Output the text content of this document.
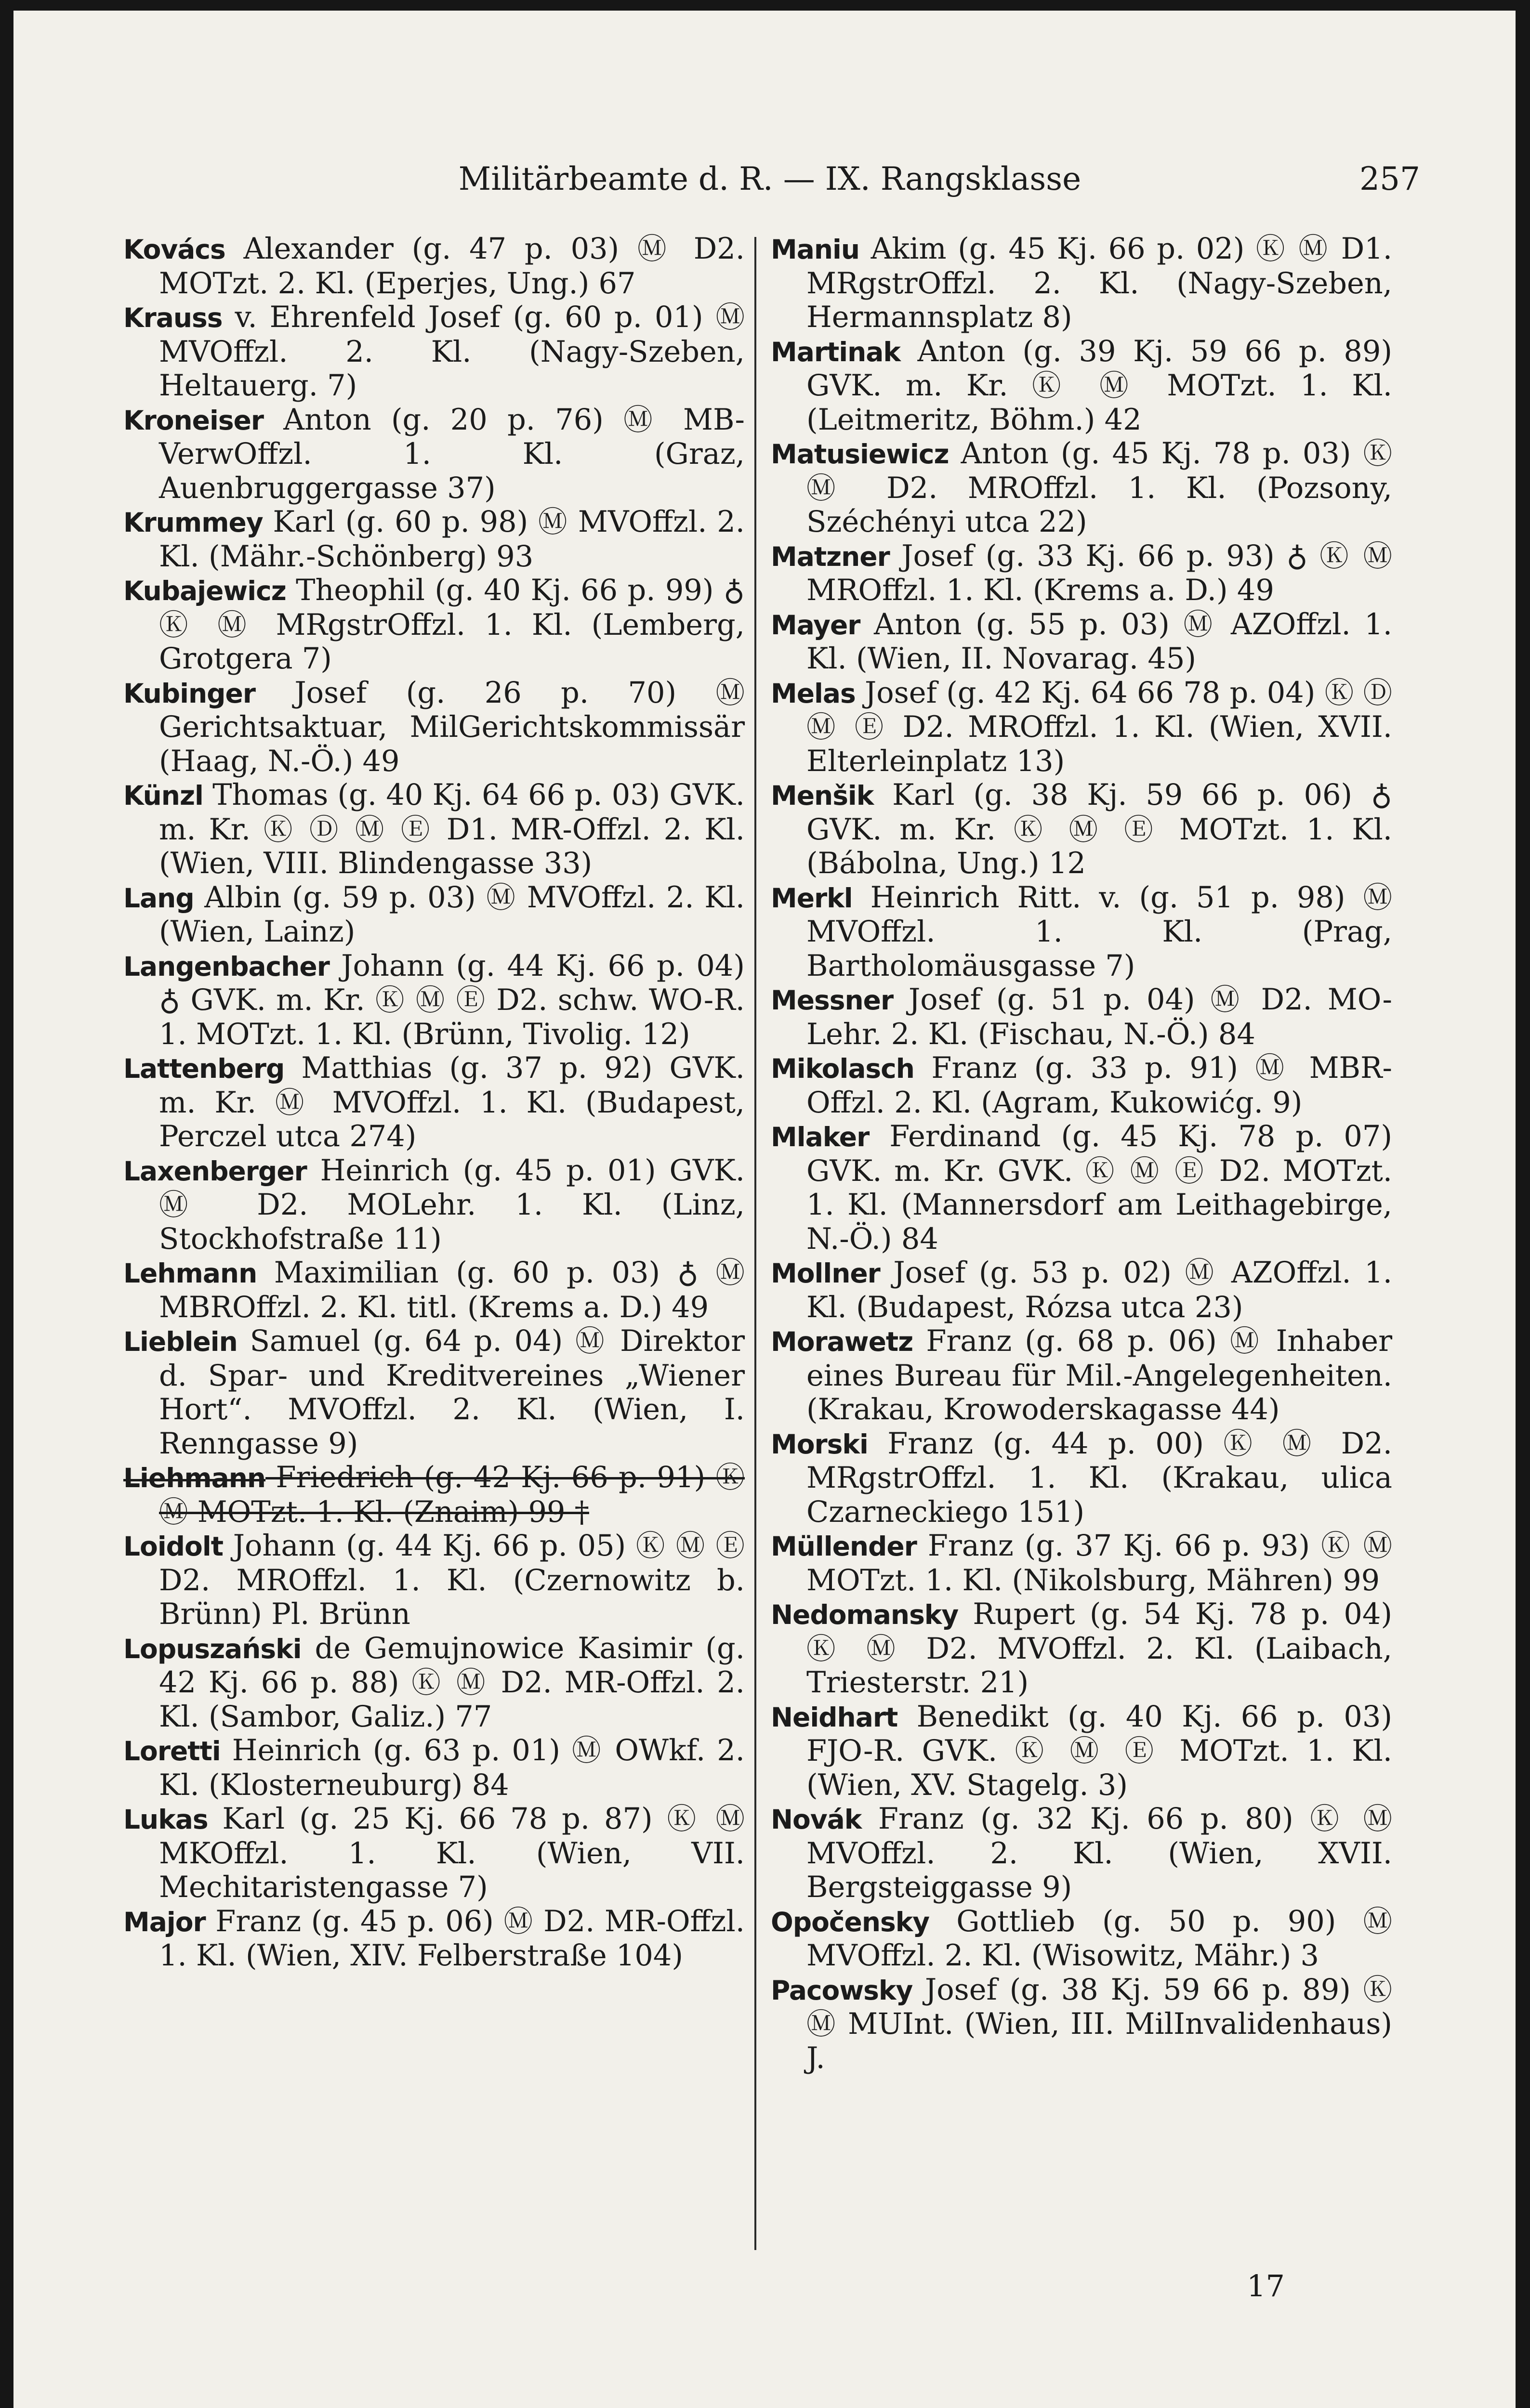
Militärbeamte d. R. — IX. Rangsklasse	257

Kovács Alexander (g. 47 p. 03) Ⓜ D2. MOTzt. 2. Kl. (Eperjes, Ung.) 67

Krauss v. Ehrenfeld Josef (g. 60 p. 01) Ⓜ MVOffzl. 2. Kl. (Nagy-Szeben, Heltauerg. 7)

Kroneiser Anton (g. 20 p. 76) Ⓜ MB-VerwOffzl. 1. Kl. (Graz, Auenbruggergasse 37)

Krummey Karl (g. 60 p. 98) Ⓜ MVOffzl. 2. Kl. (Mähr.-Schönberg) 93

Kubajewicz Theophil (g. 40 Kj. 66 p. 99) ♁ Ⓚ Ⓜ MRgstrOffzl. 1. Kl. (Lemberg, Grotgera 7)

Kubinger Josef (g. 26 p. 70) Ⓜ Gerichtsaktuar, MilGerichtskommissär (Haag, N.-Ö.) 49

Künzl Thomas (g. 40 Kj. 64 66 p. 03) GVK. m. Kr. Ⓚ Ⓓ Ⓜ Ⓔ D1. MR-Offzl. 2. Kl. (Wien, VIII. Blindengasse 33)

Lang Albin (g. 59 p. 03) Ⓜ MVOffzl. 2. Kl. (Wien, Lainz)

Langenbacher Johann (g. 44 Kj. 66 p. 04) ♁ GVK. m. Kr. Ⓚ Ⓜ Ⓔ D2. schw. WO-R. 1. MOTzt. 1. Kl. (Brünn, Tivolig. 12)

Lattenberg Matthias (g. 37 p. 92) GVK. m. Kr. Ⓜ MVOffzl. 1. Kl. (Budapest, Perczel utca 274)

Laxenberger Heinrich (g. 45 p. 01) GVK. Ⓜ D2. MOLehr. 1. Kl. (Linz, Stockhofstraße 11)

Lehmann Maximilian (g. 60 p. 03) ♁ Ⓜ MBROffzl. 2. Kl. titl. (Krems a. D.) 49

Lieblein Samuel (g. 64 p. 04) Ⓜ Direktor d. Spar- und Kreditvereines „Wiener Hort“. MVOffzl. 2. Kl. (Wien, I. Renngasse 9)

Liehmann Friedrich (g. 42 Kj. 66 p. 91) Ⓚ Ⓜ MOTzt. 1. Kl. (Znaim) 99 †

Loidolt Johann (g. 44 Kj. 66 p. 05) Ⓚ Ⓜ Ⓔ D2. MROffzl. 1. Kl. (Czernowitz b. Brünn) Pl. Brünn

Lopuszański de Gemujnowice Kasimir (g. 42 Kj. 66 p. 88) Ⓚ Ⓜ D2. MR-Offzl. 2. Kl. (Sambor, Galiz.) 77

Loretti Heinrich (g. 63 p. 01) Ⓜ OWkf. 2. Kl. (Klosterneuburg) 84

Lukas Karl (g. 25 Kj. 66 78 p. 87) Ⓚ Ⓜ MKOffzl. 1. Kl. (Wien, VII. Mechitaristengasse 7)

Major Franz (g. 45 p. 06) Ⓜ D2. MR-Offzl. 1. Kl. (Wien, XIV. Felberstraße 104)

Maniu Akim (g. 45 Kj. 66 p. 02) Ⓚ Ⓜ D1. MRgstrOffzl. 2. Kl. (Nagy-Szeben, Hermannsplatz 8)

Martinak Anton (g. 39 Kj. 59 66 p. 89) GVK. m. Kr. Ⓚ Ⓜ MOTzt. 1. Kl. (Leitmeritz, Böhm.) 42

Matusiewicz Anton (g. 45 Kj. 78 p. 03) Ⓚ Ⓜ D2. MROffzl. 1. Kl. (Pozsony, Széchényi utca 22)

Matzner Josef (g. 33 Kj. 66 p. 93) ♁ Ⓚ Ⓜ MROffzl. 1. Kl. (Krems a. D.) 49

Mayer Anton (g. 55 p. 03) Ⓜ AZOffzl. 1. Kl. (Wien, II. Novarag. 45)

Melas Josef (g. 42 Kj. 64 66 78 p. 04) Ⓚ Ⓓ Ⓜ Ⓔ D2. MROffzl. 1. Kl. (Wien, XVII. Elterleinplatz 13)

Menšik Karl (g. 38 Kj. 59 66 p. 06) ♁ GVK. m. Kr. Ⓚ Ⓜ Ⓔ MOTzt. 1. Kl. (Bábolna, Ung.) 12

Merkl Heinrich Ritt. v. (g. 51 p. 98) Ⓜ MVOffzl. 1. Kl. (Prag, Bartholomäusgasse 7)

Messner Josef (g. 51 p. 04) Ⓜ D2. MO-Lehr. 2. Kl. (Fischau, N.-Ö.) 84

Mikolasch Franz (g. 33 p. 91) Ⓜ MBR-Offzl. 2. Kl. (Agram, Kukowićg. 9)

Mlaker Ferdinand (g. 45 Kj. 78 p. 07) GVK. m. Kr. GVK. Ⓚ Ⓜ Ⓔ D2. MOTzt. 1. Kl. (Mannersdorf am Leithagebirge, N.-Ö.) 84

Mollner Josef (g. 53 p. 02) Ⓜ AZOffzl. 1. Kl. (Budapest, Rózsa utca 23)

Morawetz Franz (g. 68 p. 06) Ⓜ Inhaber eines Bureau für Mil.-Angelegenheiten. (Krakau, Krowoderskagasse 44)

Morski Franz (g. 44 p. 00) Ⓚ Ⓜ D2. MRgstrOffzl. 1. Kl. (Krakau, ulica Czarneckiego 151)

Müllender Franz (g. 37 Kj. 66 p. 93) Ⓚ Ⓜ MOTzt. 1. Kl. (Nikolsburg, Mähren) 99

Nedomansky Rupert (g. 54 Kj. 78 p. 04) Ⓚ Ⓜ D2. MVOffzl. 2. Kl. (Laibach, Triesterstr. 21)

Neidhart Benedikt (g. 40 Kj. 66 p. 03) FJO-R. GVK. Ⓚ Ⓜ Ⓔ MOTzt. 1. Kl. (Wien, XV. Stagelg. 3)

Novák Franz (g. 32 Kj. 66 p. 80) Ⓚ Ⓜ MVOffzl. 2. Kl. (Wien, XVII. Bergsteiggasse 9)

Opočensky Gottlieb (g. 50 p. 90) Ⓜ MVOffzl. 2. Kl. (Wisowitz, Mähr.) 3

Pacowsky Josef (g. 38 Kj. 59 66 p. 89) Ⓚ Ⓜ MUInt. (Wien, III. MilInvalidenhaus) J.

17
